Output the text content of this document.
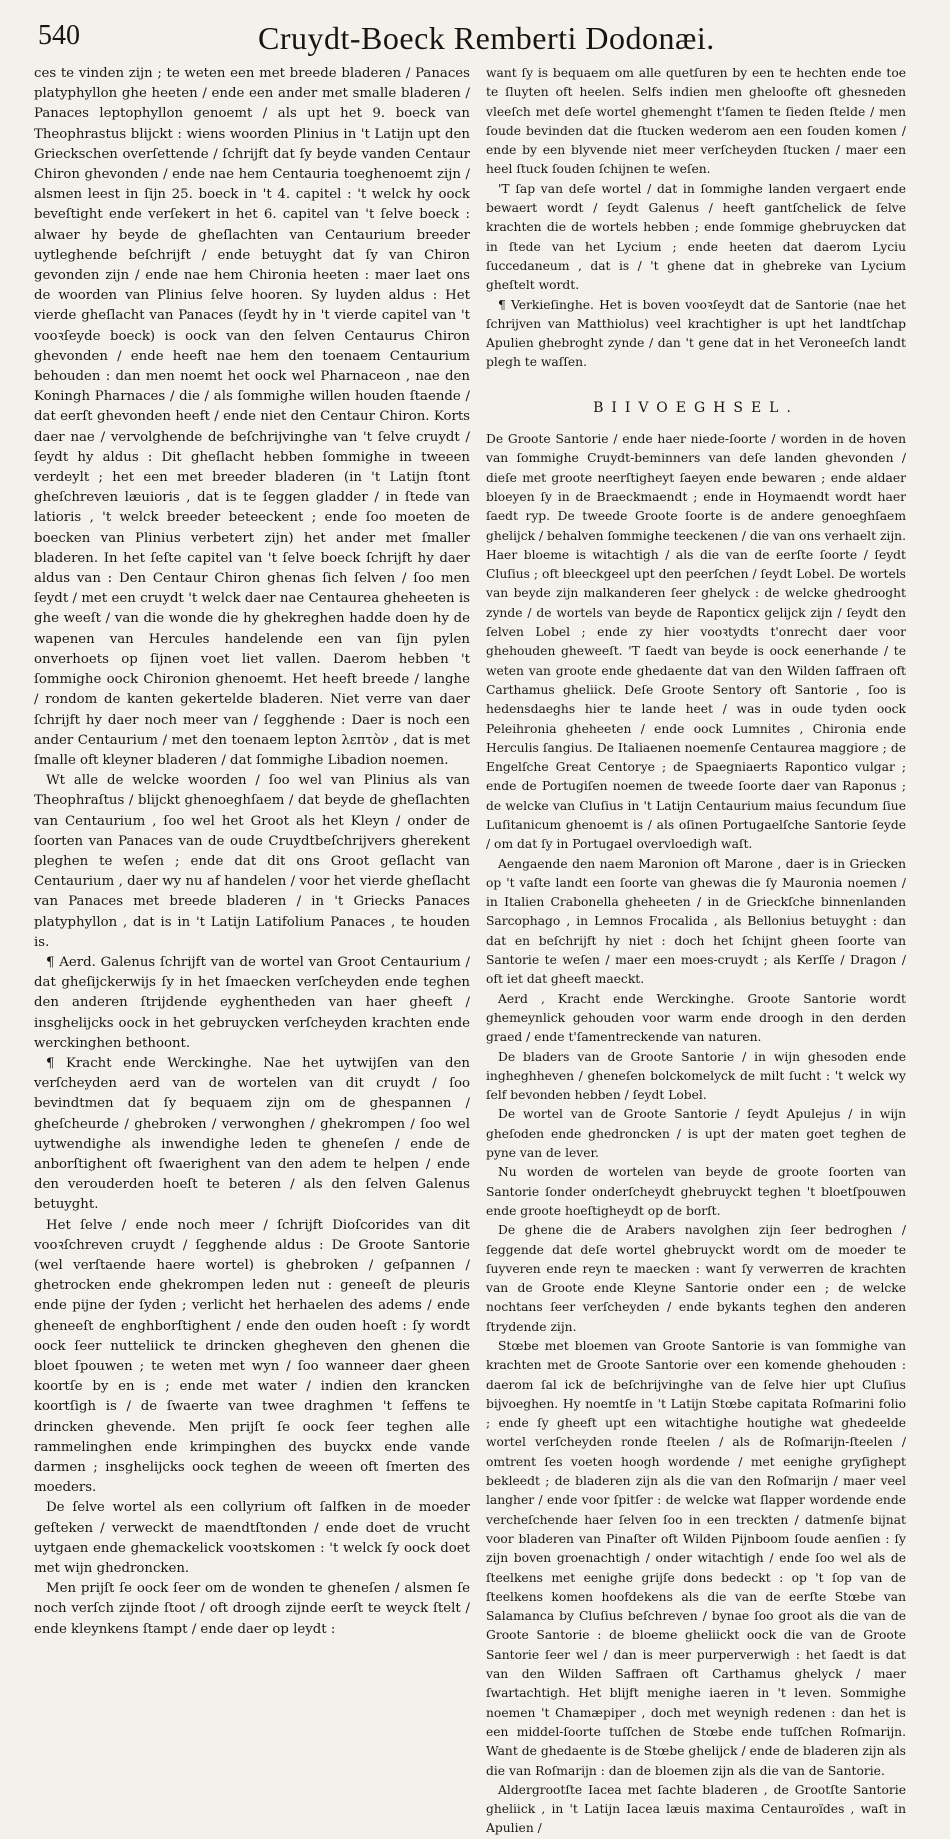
540	Cruydt-Boeck Remberti Dodonæi.

ces te vinden zijn ; te weten een met breede bladeren / Panaces platyphyllon ghe heeten / ende een ander met smalle bladeren / Panaces leptophyllon genoemt / als upt het 9. boeck van Theophrastus blijckt : wiens woorden Plinius in 't Latijn upt den Grieckschen overſettende / ſchrijft dat ſy beyde vanden Centaur Chiron ghevonden / ende nae hem Centauria toeghenoemt zijn / alsmen leest in ſijn 25. boeck in 't 4. capitel : 't welck hy oock beveſtight ende verſekert in het 6. capitel van 't ſelve boeck : alwaer hy beyde de gheſlachten van Centaurium breeder uytleghende beſchrijft / ende betuyght dat ſy van Chiron gevonden zijn / ende nae hem Chironia heeten : maer laet ons de woorden van Plinius ſelve hooren. Sy luyden aldus : Het vierde gheſlacht van Panaces (ſeydt hy in 't vierde capitel van 't vooꝛſeyde boeck) is oock van den ſelven Centaurus Chiron ghevonden / ende heeft nae hem den toenaem Centaurium behouden : dan men noemt het oock wel Pharnaceon , nae den Koningh Pharnaces / die / als ſommighe willen houden ſtaende / dat eerſt ghevonden heeft / ende niet den Centaur Chiron. Korts daer nae / vervolghende de beſchrijvinghe van 't ſelve cruydt / ſeydt hy aldus : Dit gheſlacht hebben ſommighe in tweeen verdeylt ; het een met breeder bladeren (in 't Latijn ſtont gheſchreven læuioris , dat is te ſeggen gladder / in ſtede van latioris , 't welck breeder beteeckent ; ende ſoo moeten de boecken van Plinius verbetert zijn) het ander met ſmaller bladeren. In het ſeſte capitel van 't ſelve boeck ſchrijft hy daer aldus van : Den Centaur Chiron ghenas ſich ſelven / ſoo men ſeydt / met een cruydt 't welck daer nae Centaurea gheheeten is ghe weeſt / van die wonde die hy ghekreghen hadde doen hy de wapenen van Hercules handelende een van ſijn pylen onverhoets op ſijnen voet liet vallen. Daerom hebben 't ſommighe oock Chironion ghenoemt. Het heeft breede / langhe / rondom de kanten gekertelde bladeren. Niet verre van daer ſchrijft hy daer noch meer van / ſegghende : Daer is noch een ander Centaurium / met den toenaem lepton λεπτὸν , dat is met ſmalle oft kleyner bladeren / dat ſommighe Libadion noemen.

Wt alle de welcke woorden / ſoo wel van Plinius als van Theophraſtus / blijckt ghenoeghſaem / dat beyde de gheſlachten van Centaurium , ſoo wel het Groot als het Kleyn / onder de ſoorten van Panaces van de oude Cruydtbeſchrijvers gherekent pleghen te weſen ; ende dat dit ons Groot geſlacht van Centaurium , daer wy nu af handelen / voor het vierde gheſlacht van Panaces met breede bladeren / in 't Griecks Panaces platyphyllon , dat is in 't Latijn Latifolium Panaces , te houden is.

¶ Aerd. Galenus ſchrijft van de wortel van Groot Centaurium / dat gheſijckerwijs ſy in het ſmaecken verſcheyden ende teghen den anderen ſtrijdende eyghentheden van haer gheeft / insghelijcks oock in het gebruycken verſcheyden krachten ende werckinghen bethoont.

¶ Kracht ende Werckinghe. Nae het uytwijſen van den verſcheyden aerd van de wortelen van dit cruydt / ſoo bevindtmen dat ſy bequaem zijn om de ghespannen / gheſcheurde / ghebroken / verwonghen / ghekrompen / ſoo wel uytwendighe als inwendighe leden te gheneſen / ende de anborſtighent oft ſwaerighent van den adem te helpen / ende den verouderden hoeſt te beteren / als den ſelven Galenus betuyght.

Het ſelve / ende noch meer / ſchrijft Dioſcorides van dit vooꝛſchreven cruydt / ſegghende aldus : De Groote Santorie (wel verſtaende haere wortel) is ghebroken / geſpannen / ghetrocken ende ghekrompen leden nut : geneeſt de pleuris ende pijne der ſyden ; verlicht het herhaelen des adems / ende gheneeſt de enghborſtighent / ende den ouden hoeſt : ſy wordt oock ſeer nutteliick te drincken ghegheven den ghenen die bloet ſpouwen ; te weten met wyn / ſoo wanneer daer gheen koortſe by en is ; ende met water / indien den krancken koortſigh is / de ſwaerte van twee draghmen 't ſeffens te drincken ghevende. Men prijſt ſe oock ſeer teghen alle rammelinghen ende krimpinghen des buyckx ende vande darmen ; insghelijcks oock teghen de weeen oft ſmerten des moeders.

De ſelve wortel als een collyrium oft ſalfken in de moeder geſteken / verweckt de maendtſtonden / ende doet de vrucht uytgaen ende ghemackelick vooꝛtskomen : 't welck ſy oock doet met wijn ghedroncken.

Men prijſt ſe oock ſeer om de wonden te gheneſen / alsmen ſe noch verſch zijnde ſtoot / oft droogh zijnde eerſt te weyck ſtelt / ende kleynkens ſtampt / ende daer op leydt :

want ſy is bequaem om alle quetſuren by een te hechten ende toe te ſluyten oft heelen. Selfs indien men gheloofte oft ghesneden vleeſch met deſe wortel ghemenght t'ſamen te ſieden ſtelde / men ſoude bevinden dat die ſtucken wederom aen een ſouden komen / ende by een blyvende niet meer verſcheyden ſtucken / maer een heel ſtuck ſouden ſchijnen te weſen.

'T ſap van deſe wortel / dat in ſommighe landen vergaert ende bewaert wordt / ſeydt Galenus / heeft gantſchelick de ſelve krachten die de wortels hebben ; ende ſommige ghebruycken dat in ſtede van het Lycium ; ende heeten dat daerom Lyciu ſuccedaneum , dat is / 't ghene dat in ghebreke van Lycium gheſtelt wordt.

¶ Verkieſinghe. Het is boven vooꝛſeydt dat de Santorie (nae het ſchrijven van Matthiolus) veel krachtigher is upt het landtſchap Apulien ghebroght zynde / dan 't gene dat in het Veroneeſch landt plegh te waſſen.

BIIVOEGHSEL.

De Groote Santorie / ende haer niede-ſoorte / worden in de hoven van ſommighe Cruydt-beminners van deſe landen ghevonden / dieſe met groote neerſtigheyt ſaeyen ende bewaren ; ende aldaer bloeyen ſy in de Braeckmaendt ; ende in Hoymaendt wordt haer ſaedt ryp. De tweede Groote ſoorte is de andere genoeghſaem ghelijck / behalven ſommighe teeckenen / die van ons verhaelt zijn. Haer bloeme is witachtigh / als die van de eerſte ſoorte / ſeydt Cluſius ; oft bleeckgeel upt den peerſchen / ſeydt Lobel. De wortels van beyde zijn malkanderen ſeer ghelyck : de welcke ghedrooght zynde / de wortels van beyde de Raponticx gelijck zijn / ſeydt den ſelven Lobel ; ende zy hier vooꝛtydts t'onrecht daer voor ghehouden gheweeſt. 'T ſaedt van beyde is oock eenerhande / te weten van groote ende ghedaente dat van den Wilden ſaffraen oft Carthamus gheliick. Deſe Groote Sentory oft Santorie , ſoo is hedensdaeghs hier te lande heet / was in oude tyden oock Peleihronia gheheeten / ende oock Lumnites , Chironia ende Herculis ſangius. De Italiaenen noemenſe Centaurea maggiore ; de Engelſche Great Centorye ; de Spaegniaerts Rapontico vulgar ; ende de Portugiſen noemen de tweede ſoorte daer van Raponus ; de welcke van Cluſius in 't Latijn Centaurium maius ſecundum ſiue Luſitanicum ghenoemt is / als oſinen Portugaelſche Santorie ſeyde / om dat ſy in Portugael overvloedigh waſt.

Aengaende den naem Maronion oft Marone , daer is in Griecken op 't vaſte landt een ſoorte van ghewas die ſy Mauronia noemen / in Italien Crabonella gheheeten / in de Grieckſche binnenlanden Sarcophago , in Lemnos Frocalida , als Bellonius betuyght : dan dat en beſchrijft hy niet : doch het ſchijnt gheen ſoorte van Santorie te weſen / maer een moes-cruydt ; als Kerſſe / Dragon / oft iet dat gheeft maeckt.

Aerd , Kracht ende Werckinghe. Groote Santorie wordt ghemeynlick gehouden voor warm ende droogh in den derden graed / ende t'ſamentreckende van naturen.

De bladers van de Groote Santorie / in wijn ghesoden ende ingheghheven / gheneſen bolckomelyck de milt ſucht : 't welck wy ſelf bevonden hebben / ſeydt Lobel.

De wortel van de Groote Santorie / ſeydt Apulejus / in wijn gheſoden ende ghedroncken / is upt der maten goet teghen de pyne van de lever.

Nu worden de wortelen van beyde de groote ſoorten van Santorie ſonder onderſcheydt ghebruyckt teghen 't bloetſpouwen ende groote hoeſtigheydt op de borſt.

De ghene die de Arabers navolghen zijn ſeer bedroghen / ſeggende dat deſe wortel ghebruyckt wordt om de moeder te ſuyveren ende reyn te maecken : want ſy verwerren de krachten van de Groote ende Kleyne Santorie onder een ; de welcke nochtans ſeer verſcheyden / ende bykants teghen den anderen ſtrydende zijn.

Stœbe met bloemen van Groote Santorie is van ſommighe van krachten met de Groote Santorie over een komende ghehouden : daerom ſal ick de beſchrijvinghe van de ſelve hier upt Cluſius bijvoeghen. Hy noemtſe in 't Latijn Stœbe capitata Roſmarini folio ; ende ſy gheeft upt een witachtighe houtighe wat ghedeelde wortel verſcheyden ronde ſteelen / als de Roſmarijn-ſteelen / omtrent ſes voeten hoogh wordende / met eenighe gryſighept bekleedt ; de bladeren zijn als die van den Roſmarijn / maer veel langher / ende voor ſpitſer : de welcke wat ſlapper wordende ende vercheſchende haer ſelven ſoo in een treckten / datmenſe bijnat voor bladeren van Pinaſter oft Wilden Pijnboom ſoude aenſien : ſy zijn boven groenachtigh / onder witachtigh / ende ſoo wel als de ſteelkens met eenighe grijſe dons bedeckt : op 't ſop van de ſteelkens komen hoofdekens als die van de eerſte Stœbe van Salamanca by Cluſius beſchreven / bynae ſoo groot als die van de Groote Santorie : de bloeme gheliickt oock die van de Groote Santorie ſeer wel / dan is meer purperverwigh : het ſaedt is dat van den Wilden Saffraen oft Carthamus ghelyck / maer ſwartachtigh. Het blijft menighe iaeren in 't leven. Sommighe noemen 't Chamæpiper , doch met weynigh redenen : dan het is een middel-ſoorte tuſſchen de Stœbe ende tuſſchen Roſmarijn. Want de ghedaente is de Stœbe ghelijck / ende de bladeren zijn als die van Roſmarijn : dan de bloemen zijn als die van de Santorie.

Aldergrootſte Iacea met ſachte bladeren , de Grootſte Santorie gheliick , in 't Latijn Iacea læuis maxima Centauroïdes , waſt in Apulien /
